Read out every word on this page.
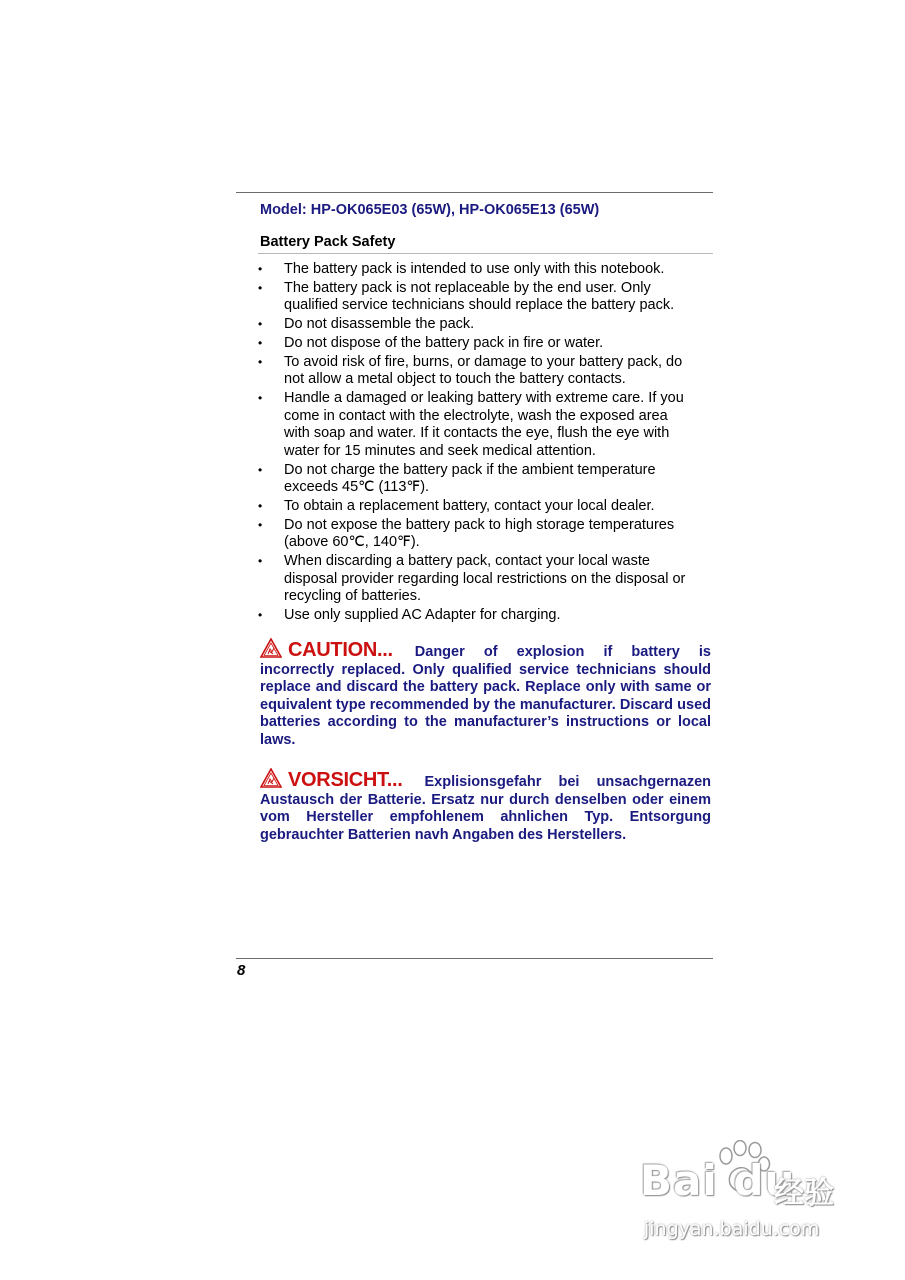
Model: HP-OK065E03 (65W), HP-OK065E13 (65W)
Battery Pack Safety
• The battery pack is intended to use only with this notebook.
• The battery pack is not replaceable by the end user. Only
qualified service technicians should replace the battery pack.
• Do not disassemble the pack.
• Do not dispose of the battery pack in fire or water.
• To avoid risk of fire, burns, or damage to your battery pack, do
not allow a metal object to touch the battery contacts.
• Handle a damaged or leaking battery with extreme care. If you
come in contact with the electrolyte, wash the exposed area
with soap and water. If it contacts the eye, flush the eye with
water for 15 minutes and seek medical attention.
• Do not charge the battery pack if the ambient temperature
exceeds 45℃ (113℉).
• To obtain a replacement battery, contact your local dealer.
• Do not expose the battery pack to high storage temperatures
(above 60℃, 140℉).
• When discarding a battery pack, contact your local waste
disposal provider regarding local restrictions on the disposal or
recycling of batteries.
• Use only supplied AC Adapter for charging.
CAUTION... Danger of explosion if battery is incorrectly replaced. Only qualified service technicians should replace and discard the battery pack. Replace only with same or equivalent type recommended by the manufacturer. Discard used batteries according to the manufacturer’s instructions or local laws.
VORSICHT... Explisionsgefahr bei unsachgernazen Austausch der Batterie. Ersatz nur durch denselben oder einem vom Hersteller empfohlenem ahnlichen Typ. Entsorgung gebrauchter Batterien navh Angaben des Herstellers.
8
Bai du
经验
jingyan.baidu.com
